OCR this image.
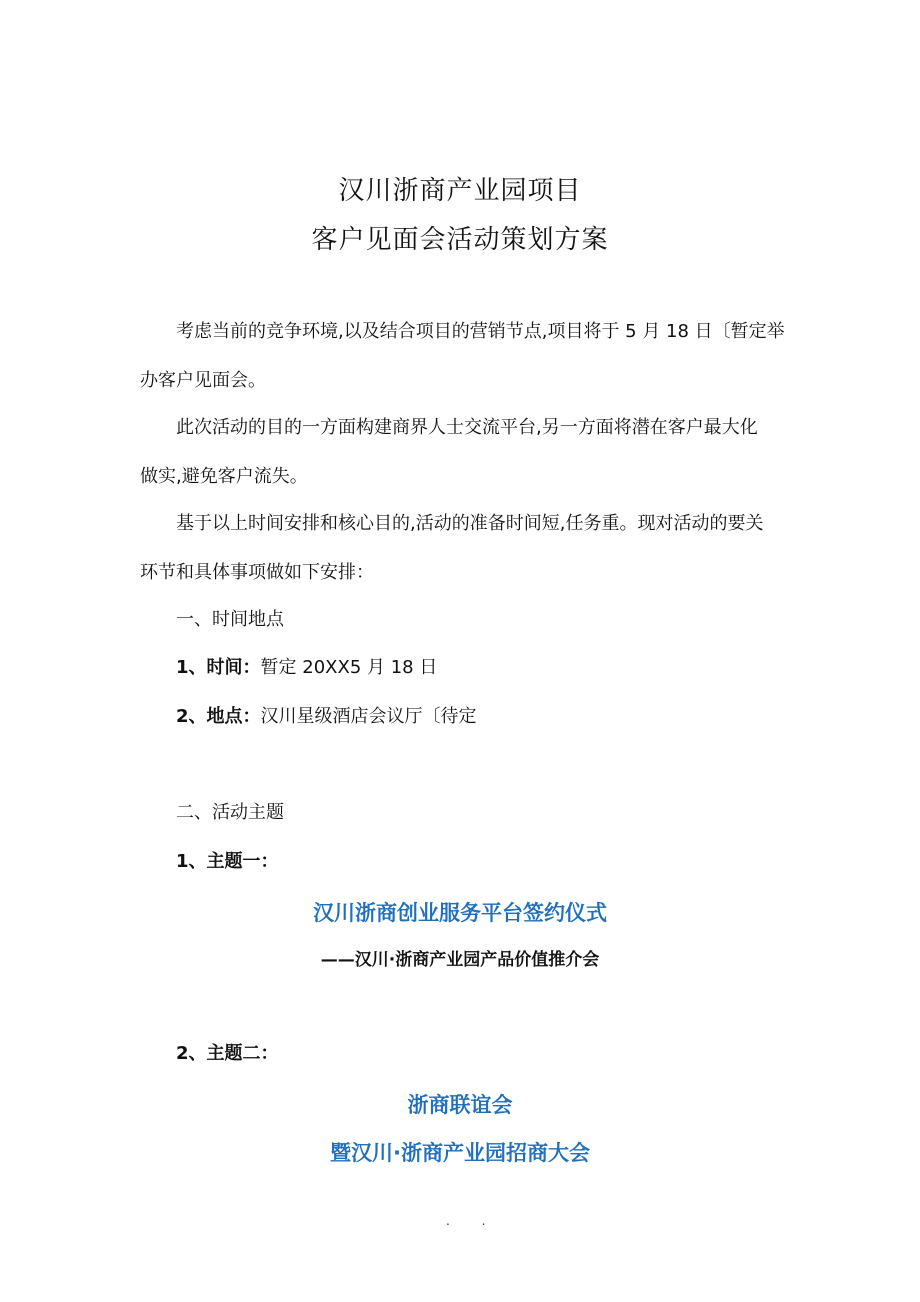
汉川浙商产业园项目
客户见面会活动策划方案
考虑当前的竞争环境,以及结合项目的营销节点,项目将于 5 月 18 日〔暂定举
办客户见面会。
此次活动的目的一方面构建商界人士交流平台,另一方面将潜在客户最大化
做实,避免客户流失。
基于以上时间安排和核心目的,活动的准备时间短,任务重。现对活动的要关
环节和具体事项做如下安排：
一、时间地点
1、时间：暂定 20XX5 月 18 日
2、地点：汉川星级酒店会议厅〔待定
二、活动主题
1、主题一：
汉川浙商创业服务平台签约仪式
——汉川·浙商产业园产品价值推介会
2、主题二：
浙商联谊会
暨汉川·浙商产业园招商大会
. .
